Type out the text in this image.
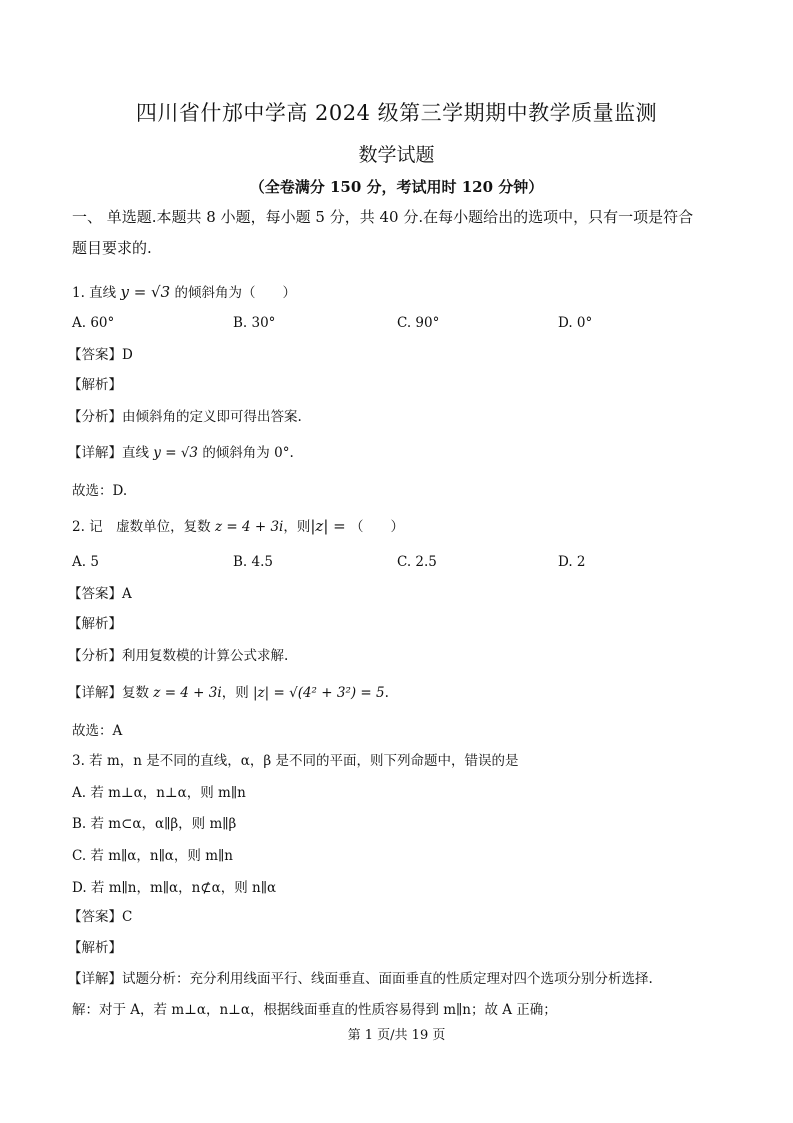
四川省什邡中学高 2024 级第三学期期中教学质量监测
数学试题
（全卷满分 150 分，考试用时 120 分钟）
一、 单选题.本题共 8 小题，每小题 5 分，共 40 分.在每小题给出的选项中，只有一项是符合
题目要求的.
1. 直线 y = √3 的倾斜角为（　　）
A. 60°	B. 30°	C. 90°	D. 0°
【答案】D
【解析】
【分析】由倾斜角的定义即可得出答案.
【详解】直线 y = √3 的倾斜角为 0°.
故选：D.
2. 记　虚数单位，复数 z = 4 + 3i，则|z| = （　　）
A. 5	B. 4.5	C. 2.5	D. 2
【答案】A
【解析】
【分析】利用复数模的计算公式求解.
【详解】复数 z = 4 + 3i，则 |z| = √(4² + 3²) = 5.
故选：A
3. 若 m，n 是不同的直线，α，β 是不同的平面，则下列命题中，错误的是
A. 若 m⊥α，n⊥α，则 m∥n
B. 若 m⊂α，α∥β，则 m∥β
C. 若 m∥α，n∥α，则 m∥n
D. 若 m∥n，m∥α，n⊄α，则 n∥α
【答案】C
【解析】
【详解】试题分析：充分利用线面平行、线面垂直、面面垂直的性质定理对四个选项分别分析选择.
解：对于 A，若 m⊥α，n⊥α，根据线面垂直的性质容易得到 m∥n；故 A 正确；
第 1 页/共 19 页
